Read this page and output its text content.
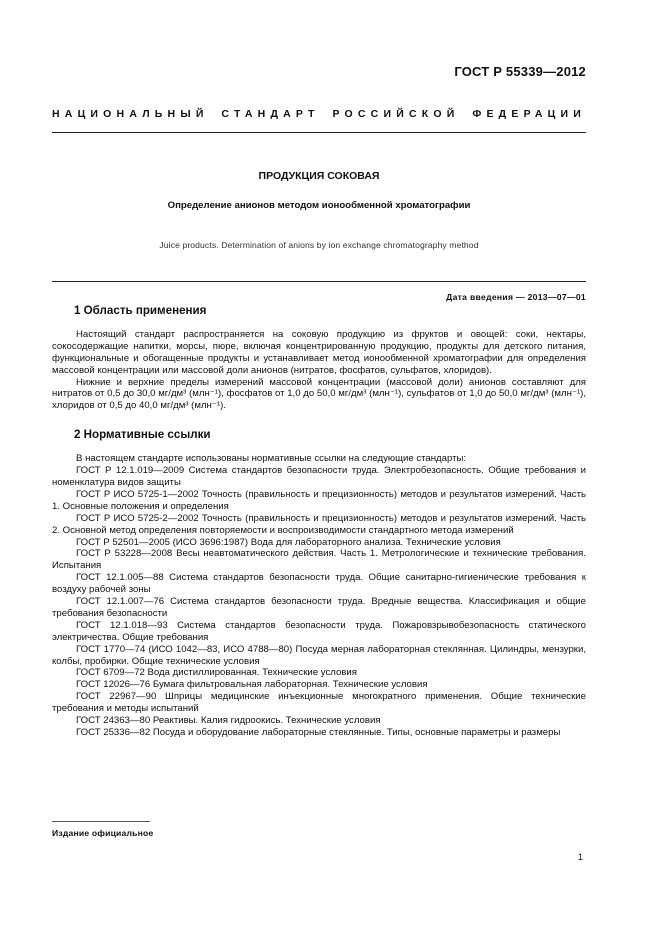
ГОСТ Р 55339—2012
НАЦИОНАЛЬНЫЙ СТАНДАРТ РОССИЙСКОЙ ФЕДЕРАЦИИ
ПРОДУКЦИЯ СОКОВАЯ
Определение анионов методом ионообменной хроматографии
Juice products. Determination of anions by ion exchange chromatography method
Дата введения — 2013—07—01
1 Область применения

Настоящий стандарт распространяется на соковую продукцию из фруктов и овощей: соки, нектары, сокосодержащие напитки, морсы, пюре, включая концентрированную продукцию, продукты для детского питания, функциональные и обогащенные продукты и устанавливает метод ионообменной хроматографии для определения массовой концентрации или массовой доли анионов (нитратов, фосфатов, сульфатов, хлоридов).

Нижние и верхние пределы измерений массовой концентрации (массовой доли) анионов составляют для нитратов от 0,5 до 30,0 мг/дм³ (млн⁻¹), фосфатов от 1,0 до 50,0 мг/дм³ (млн⁻¹), сульфатов от 1,0 до 50,0 мг/дм³ (млн⁻¹), хлоридов от 0,5 до 40,0 мг/дм³ (млн⁻¹).

2 Нормативные ссылки

В настоящем стандарте использованы нормативные ссылки на следующие стандарты:

ГОСТ Р 12.1.019—2009 Система стандартов безопасности труда. Электробезопасность. Общие требования и номенклатура видов защиты

ГОСТ Р ИСО 5725-1—2002 Точность (правильность и прецизионность) методов и результатов измерений. Часть 1. Основные положения и определения

ГОСТ Р ИСО 5725-2—2002 Точность (правильность и прецизионность) методов и результатов измерений. Часть 2. Основной метод определения повторяемости и воспроизводимости стандартного метода измерений

ГОСТ Р 52501—2005 (ИСО 3696:1987) Вода для лабораторного анализа. Технические условия

ГОСТ Р 53228—2008 Весы неавтоматического действия. Часть 1. Метрологические и технические требования. Испытания

ГОСТ 12.1.005—88 Система стандартов безопасности труда. Общие санитарно-гигиенические требования к воздуху рабочей зоны

ГОСТ 12.1.007—76 Система стандартов безопасности труда. Вредные вещества. Классификация и общие требования безопасности

ГОСТ 12.1.018—93 Система стандартов безопасности труда. Пожаровзрывобезопасность статического электричества. Общие требования

ГОСТ 1770—74 (ИСО 1042—83, ИСО 4788—80) Посуда мерная лабораторная стеклянная. Цилиндры, мензурки, колбы, пробирки. Общие технические условия

ГОСТ 6709—72 Вода дистиллированная. Технические условия

ГОСТ 12026—76 Бумага фильтровальная лабораторная. Технические условия

ГОСТ 22967—90 Шприцы медицинские инъекционные многократного применения. Общие технические требования и методы испытаний

ГОСТ 24363—80 Реактивы. Калия гидроокись. Технические условия

ГОСТ 25336—82 Посуда и оборудование лабораторные стеклянные. Типы, основные параметры и размеры

Издание официальное
1
